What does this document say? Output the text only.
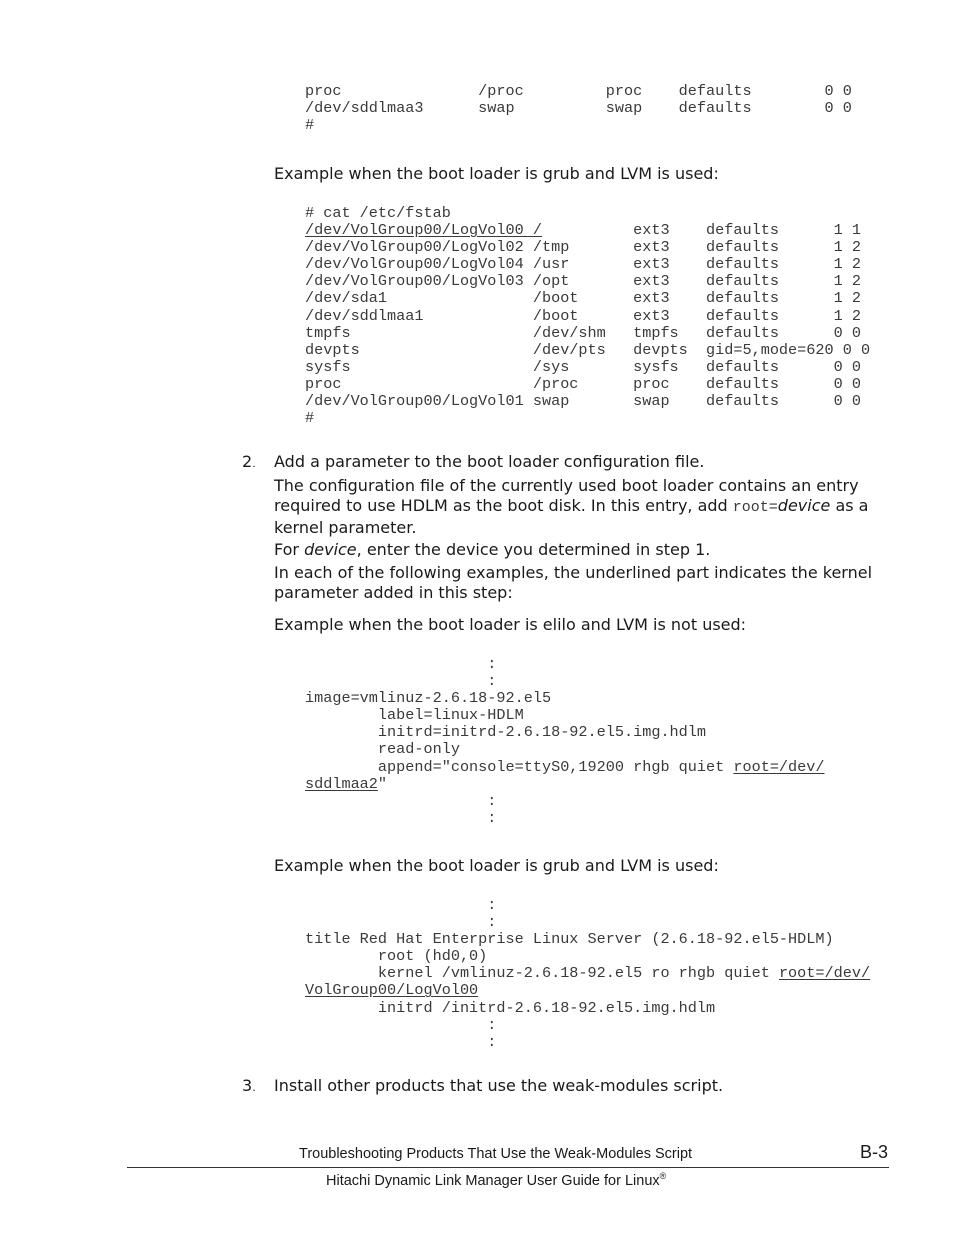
proc               /proc         proc    defaults        0 0
/dev/sddlmaa3      swap          swap    defaults        0 0
#

Example when the boot loader is grub and LVM is used:

# cat /etc/fstab
/dev/VolGroup00/LogVol00 /          ext3    defaults      1 1
/dev/VolGroup00/LogVol02 /tmp       ext3    defaults      1 2
/dev/VolGroup00/LogVol04 /usr       ext3    defaults      1 2
/dev/VolGroup00/LogVol03 /opt       ext3    defaults      1 2
/dev/sda1                /boot      ext3    defaults      1 2
/dev/sddlmaa1            /boot      ext3    defaults      1 2
tmpfs                    /dev/shm   tmpfs   defaults      0 0
devpts                   /dev/pts   devpts  gid=5,mode=620 0 0
sysfs                    /sys       sysfs   defaults      0 0
proc                     /proc      proc    defaults      0 0
/dev/VolGroup00/LogVol01 swap       swap    defaults      0 0
#
2. Add a parameter to the boot loader configuration file.

The configuration file of the currently used boot loader contains an entry required to use HDLM as the boot disk. In this entry, add root=device as a kernel parameter.

For device, enter the device you determined in step 1.

In each of the following examples, the underlined part indicates the kernel parameter added in this step:

Example when the boot loader is elilo and LVM is not used:

:
:
image=vmlinuz-2.6.18-92.el5
label=linux-HDLM
initrd=initrd-2.6.18-92.el5.img.hdlm
read-only
append="console=ttyS0,19200 rhgb quiet root=/dev/
sddlmaa2"
:
:

Example when the boot loader is grub and LVM is used:

:
:
title Red Hat Enterprise Linux Server (2.6.18-92.el5-HDLM)
root (hd0,0)
kernel /vmlinuz-2.6.18-92.el5 ro rhgb quiet root=/dev/
VolGroup00/LogVol00
initrd /initrd-2.6.18-92.el5.img.hdlm
:
:
3. Install other products that use the weak-modules script.

Troubleshooting Products That Use the Weak-Modules Script	B-3
Hitachi Dynamic Link Manager User Guide for Linux®
